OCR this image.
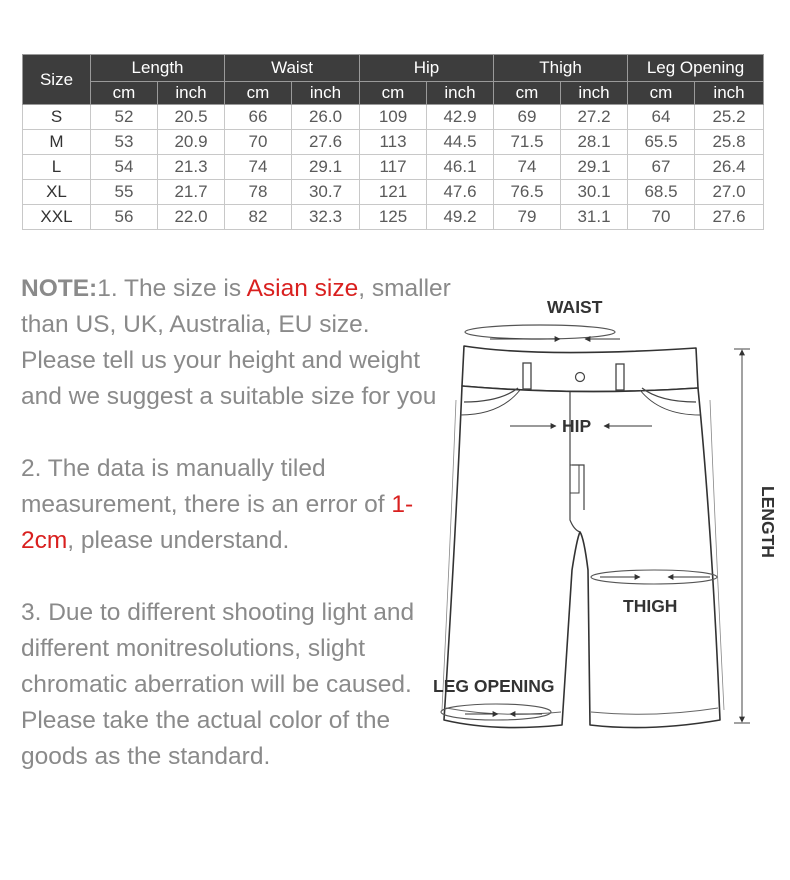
Size	Length		Waist		Hip		Thigh		Leg Opening	
	cm	inch	cm	inch	cm	inch	cm	inch	cm	inch
S	52	20.5	66	26.0	109	42.9	69	27.2	64	25.2
M	53	20.9	70	27.6	113	44.5	71.5	28.1	65.5	25.8
L	54	21.3	74	29.1	117	46.1	74	29.1	67	26.4
XL	55	21.7	78	30.7	121	47.6	76.5	30.1	68.5	27.0
XXL	56	22.0	82	32.3	125	49.2	79	31.1	70	27.6

NOTE:1. The size is Asian size, smaller than US, UK, Australia, EU size. Please tell us your height and weight and we suggest a suitable size for you

2. The data is manually tiled measurement, there is an error of 1-2cm, please understand.

3. Due to different shooting light and different monitresolutions, slight chromatic aberration will be caused. Please take the actual color of the goods as the standard.

WAIST
HIP
THIGH
LEG OPENING
LENGTH
